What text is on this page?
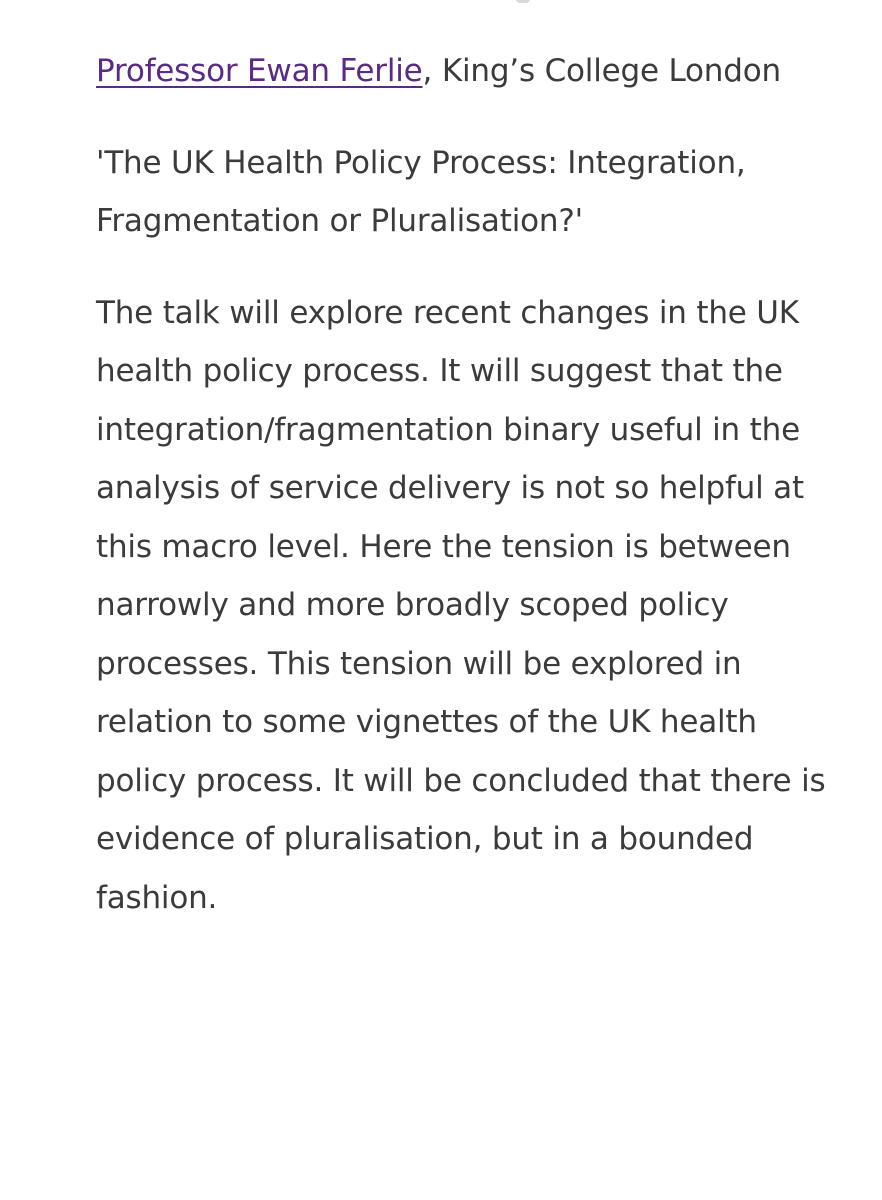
Professor Ewan Ferlie, King’s College London

'The UK Health Policy Process: Integration, Fragmentation or Pluralisation?'

The talk will explore recent changes in the UK health policy process. It will suggest that the integration/fragmentation binary useful in the analysis of service delivery is not so helpful at this macro level. Here the tension is between narrowly and more broadly scoped policy processes. This tension will be explored in relation to some vignettes of the UK health policy process. It will be concluded that there is evidence of pluralisation, but in a bounded fashion.
